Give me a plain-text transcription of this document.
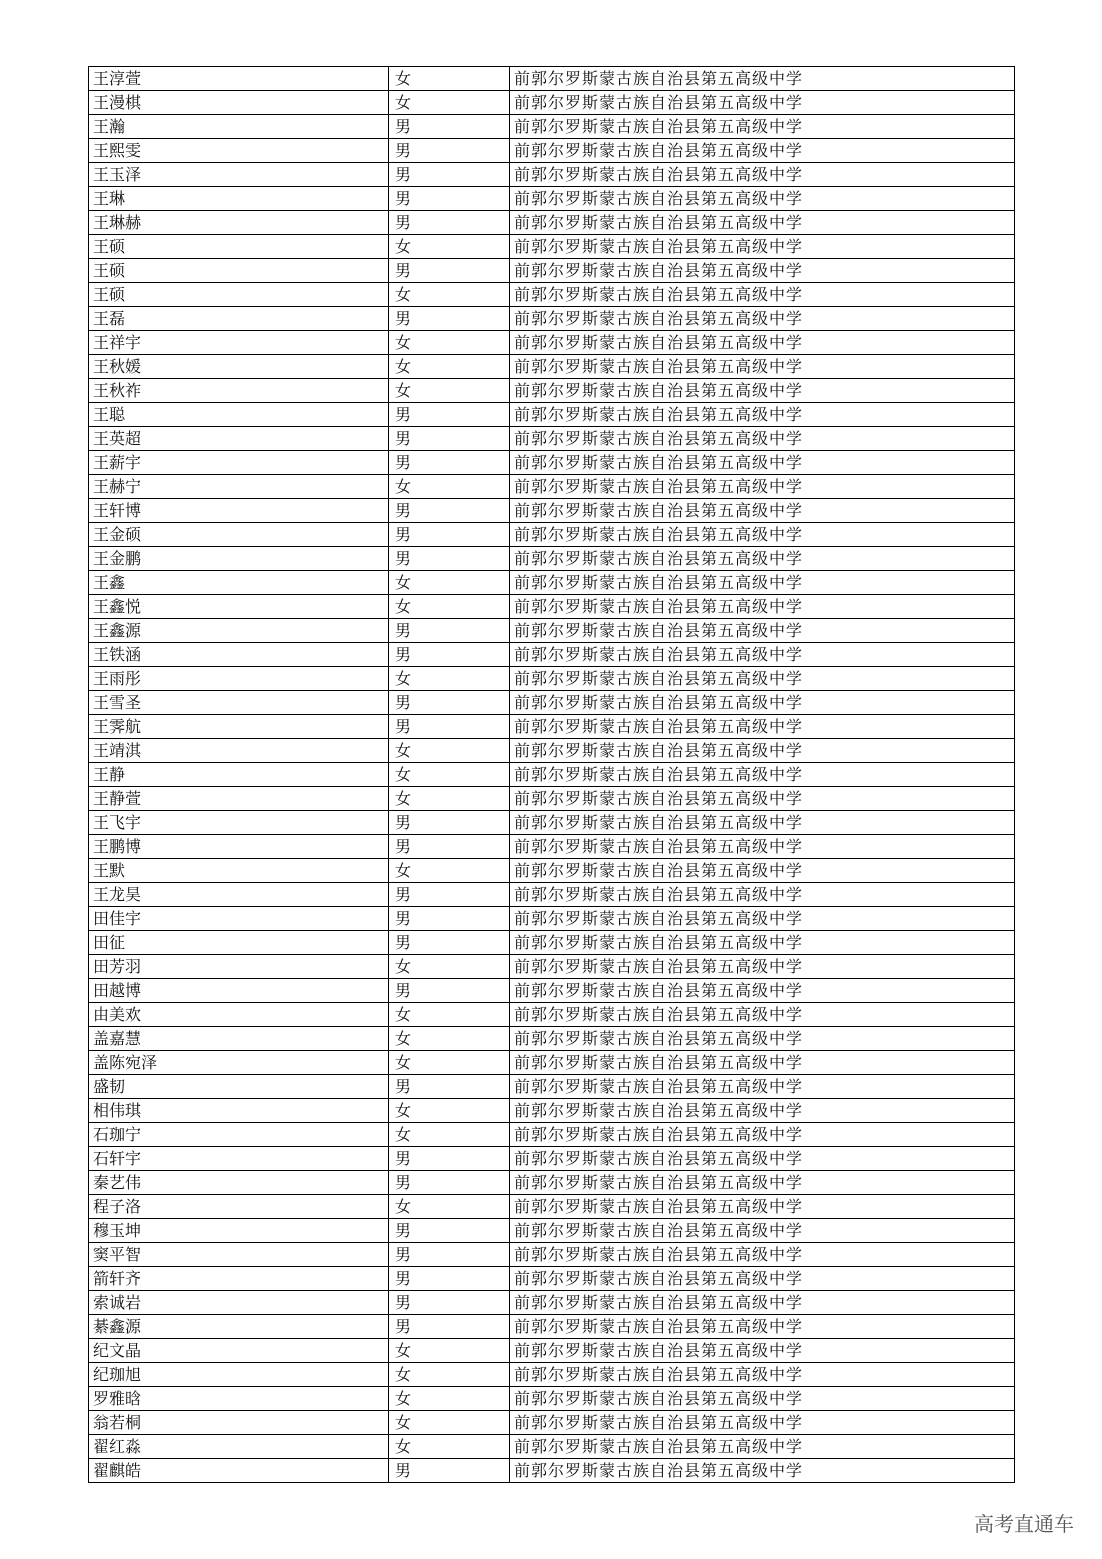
王淳萱	女	前郭尔罗斯蒙古族自治县第五高级中学
王漫棋	女	前郭尔罗斯蒙古族自治县第五高级中学
王瀚	男	前郭尔罗斯蒙古族自治县第五高级中学
王熙雯	男	前郭尔罗斯蒙古族自治县第五高级中学
王玉泽	男	前郭尔罗斯蒙古族自治县第五高级中学
王琳	男	前郭尔罗斯蒙古族自治县第五高级中学
王琳赫	男	前郭尔罗斯蒙古族自治县第五高级中学
王硕	女	前郭尔罗斯蒙古族自治县第五高级中学
王硕	男	前郭尔罗斯蒙古族自治县第五高级中学
王硕	女	前郭尔罗斯蒙古族自治县第五高级中学
王磊	男	前郭尔罗斯蒙古族自治县第五高级中学
王祥宇	女	前郭尔罗斯蒙古族自治县第五高级中学
王秋媛	女	前郭尔罗斯蒙古族自治县第五高级中学
王秋祚	女	前郭尔罗斯蒙古族自治县第五高级中学
王聪	男	前郭尔罗斯蒙古族自治县第五高级中学
王英超	男	前郭尔罗斯蒙古族自治县第五高级中学
王薪宇	男	前郭尔罗斯蒙古族自治县第五高级中学
王赫宁	女	前郭尔罗斯蒙古族自治县第五高级中学
王轩博	男	前郭尔罗斯蒙古族自治县第五高级中学
王金硕	男	前郭尔罗斯蒙古族自治县第五高级中学
王金鹏	男	前郭尔罗斯蒙古族自治县第五高级中学
王鑫	女	前郭尔罗斯蒙古族自治县第五高级中学
王鑫悦	女	前郭尔罗斯蒙古族自治县第五高级中学
王鑫源	男	前郭尔罗斯蒙古族自治县第五高级中学
王铁涵	男	前郭尔罗斯蒙古族自治县第五高级中学
王雨彤	女	前郭尔罗斯蒙古族自治县第五高级中学
王雪圣	男	前郭尔罗斯蒙古族自治县第五高级中学
王霁航	男	前郭尔罗斯蒙古族自治县第五高级中学
王靖淇	女	前郭尔罗斯蒙古族自治县第五高级中学
王静	女	前郭尔罗斯蒙古族自治县第五高级中学
王静萱	女	前郭尔罗斯蒙古族自治县第五高级中学
王飞宇	男	前郭尔罗斯蒙古族自治县第五高级中学
王鹏博	男	前郭尔罗斯蒙古族自治县第五高级中学
王默	女	前郭尔罗斯蒙古族自治县第五高级中学
王龙昊	男	前郭尔罗斯蒙古族自治县第五高级中学
田佳宇	男	前郭尔罗斯蒙古族自治县第五高级中学
田征	男	前郭尔罗斯蒙古族自治县第五高级中学
田芳羽	女	前郭尔罗斯蒙古族自治县第五高级中学
田越博	男	前郭尔罗斯蒙古族自治县第五高级中学
由美欢	女	前郭尔罗斯蒙古族自治县第五高级中学
盖嘉慧	女	前郭尔罗斯蒙古族自治县第五高级中学
盖陈宛泽	女	前郭尔罗斯蒙古族自治县第五高级中学
盛韧	男	前郭尔罗斯蒙古族自治县第五高级中学
相伟琪	女	前郭尔罗斯蒙古族自治县第五高级中学
石珈宁	女	前郭尔罗斯蒙古族自治县第五高级中学
石轩宇	男	前郭尔罗斯蒙古族自治县第五高级中学
秦艺伟	男	前郭尔罗斯蒙古族自治县第五高级中学
程子洛	女	前郭尔罗斯蒙古族自治县第五高级中学
穆玉坤	男	前郭尔罗斯蒙古族自治县第五高级中学
窦平智	男	前郭尔罗斯蒙古族自治县第五高级中学
箭轩齐	男	前郭尔罗斯蒙古族自治县第五高级中学
索诚岩	男	前郭尔罗斯蒙古族自治县第五高级中学
綦鑫源	男	前郭尔罗斯蒙古族自治县第五高级中学
纪文晶	女	前郭尔罗斯蒙古族自治县第五高级中学
纪珈旭	女	前郭尔罗斯蒙古族自治县第五高级中学
罗雅晗	女	前郭尔罗斯蒙古族自治县第五高级中学
翁若桐	女	前郭尔罗斯蒙古族自治县第五高级中学
翟红淼	女	前郭尔罗斯蒙古族自治县第五高级中学
翟麒皓	男	前郭尔罗斯蒙古族自治县第五高级中学
高考直通车
